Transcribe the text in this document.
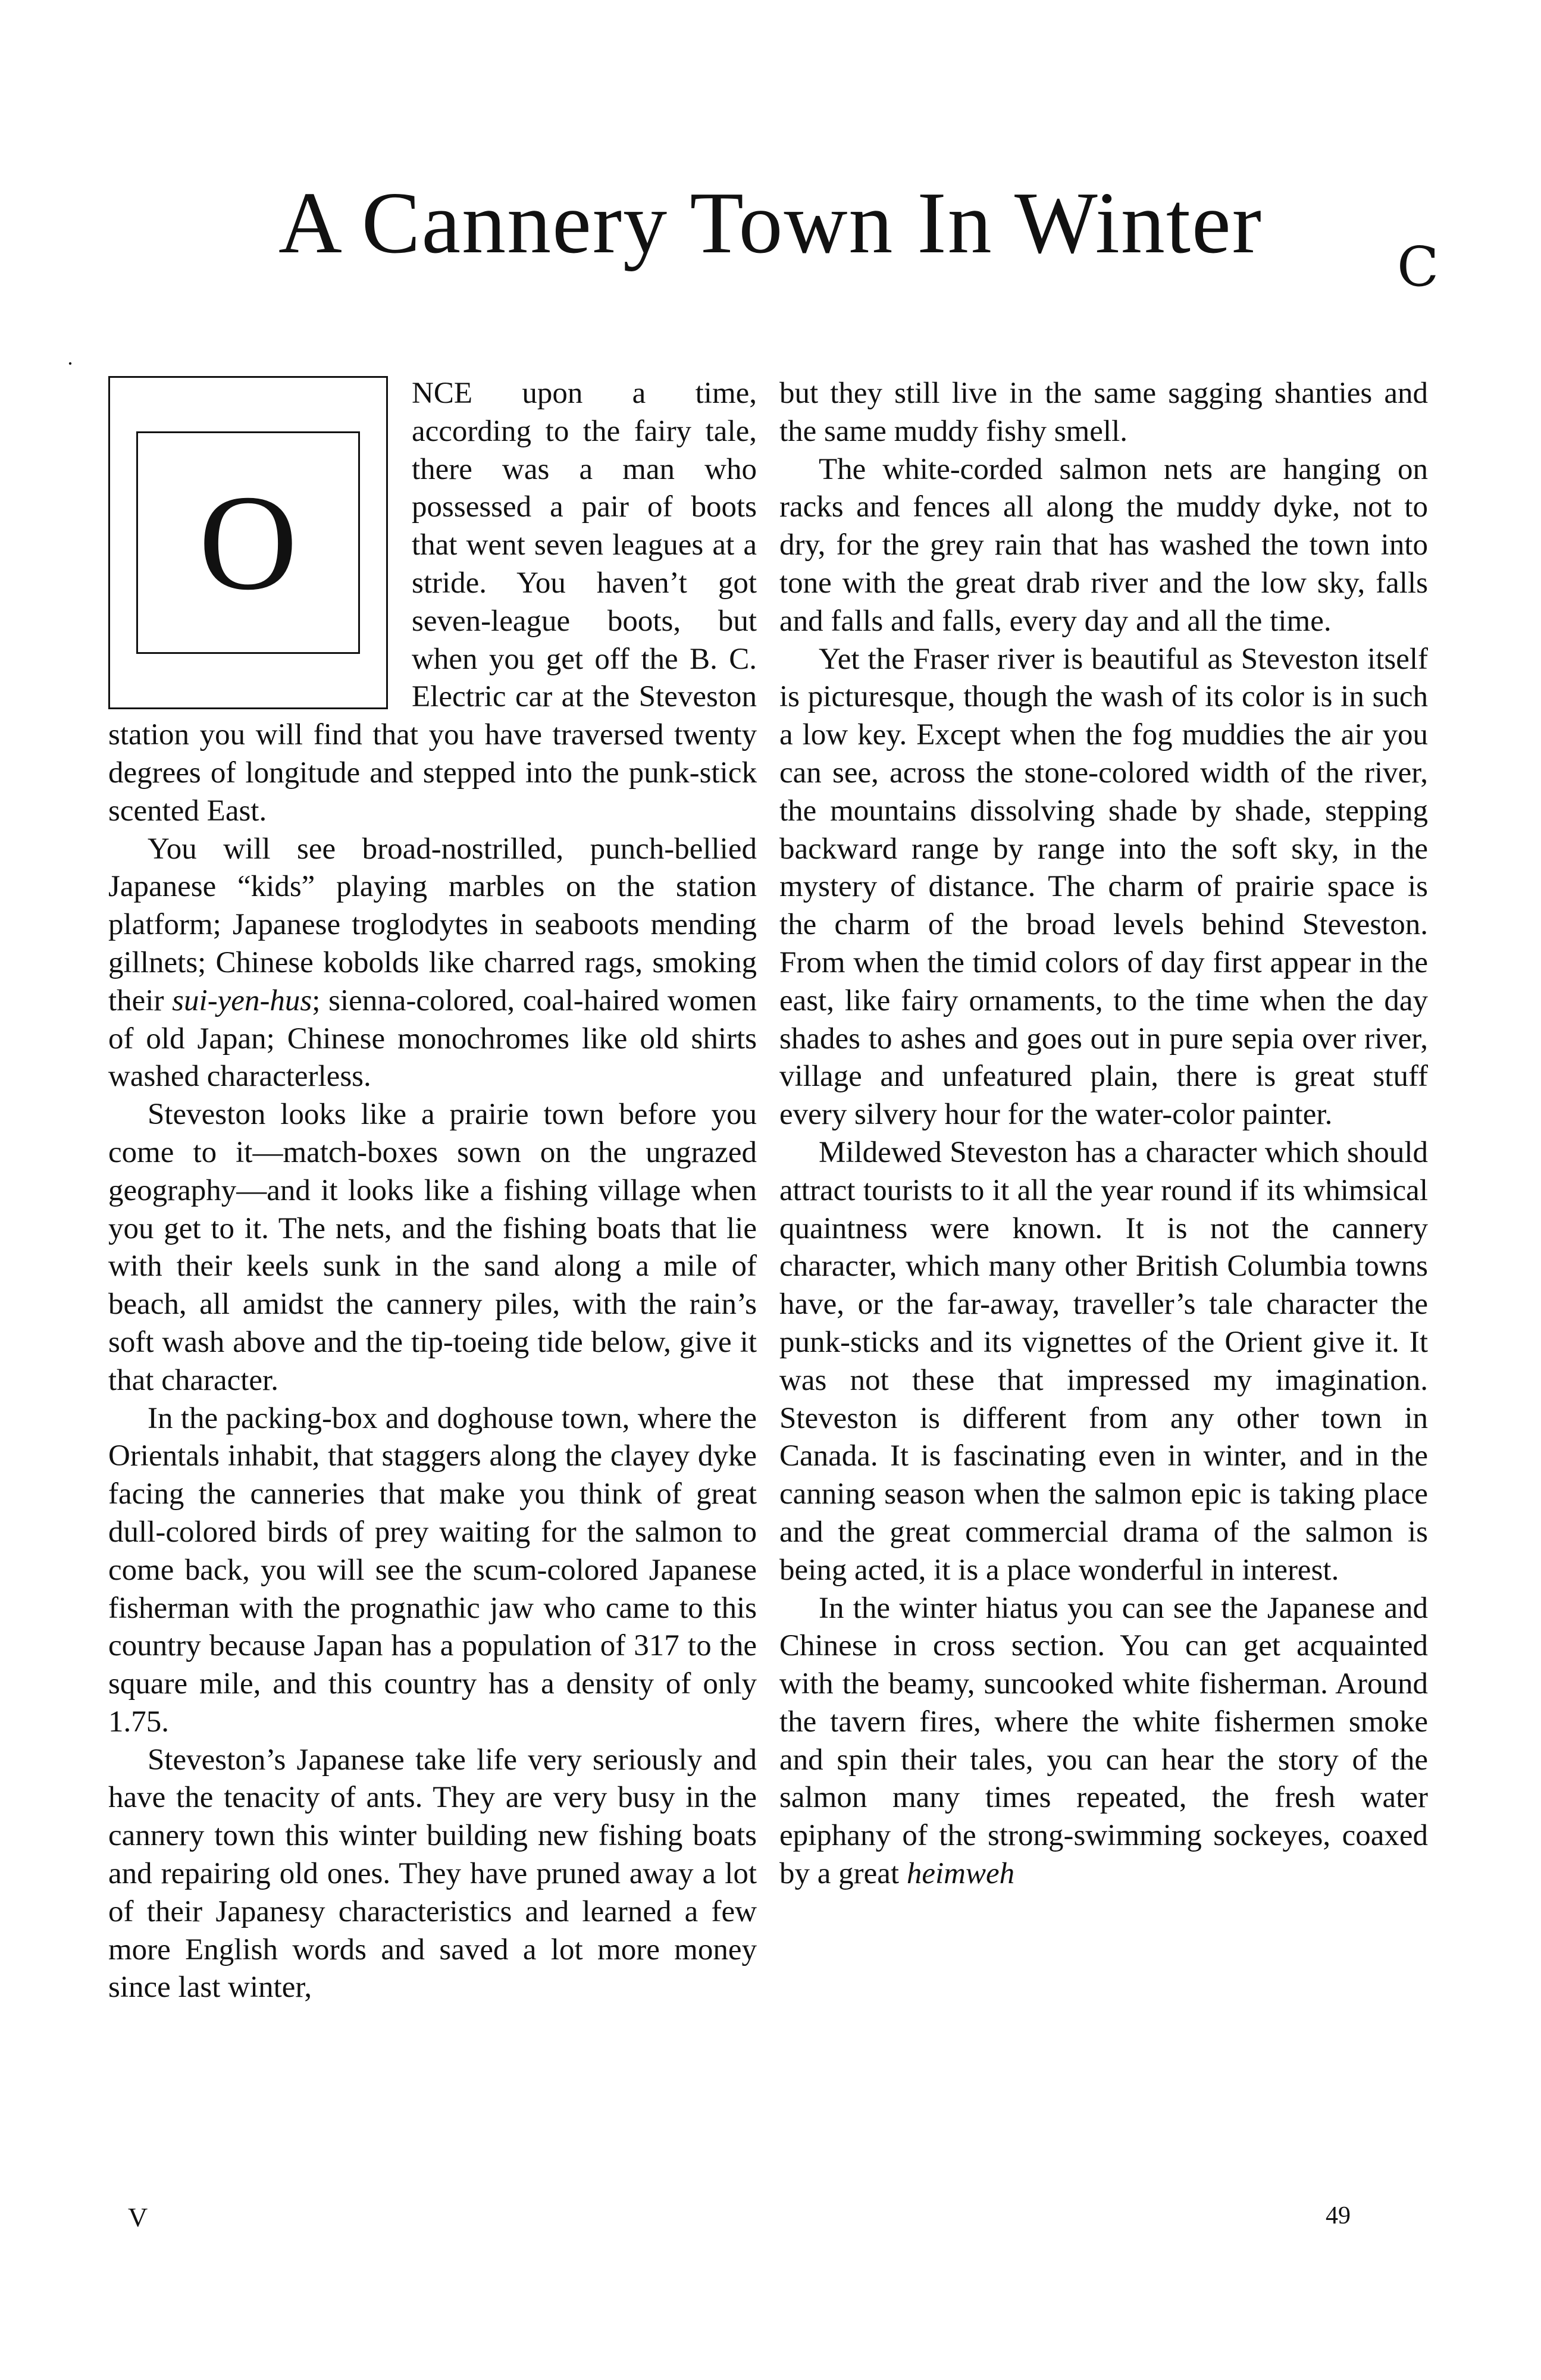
A Cannery Town In Winter	C
·

O
NCE upon a time, according to the fairy tale, there was a man who possessed a pair of boots that went seven leagues at a stride. You haven’t got seven-league boots, but when you get off the B. C. Electric car at the Steveston station you will find that you have traversed twenty degrees of longitude and stepped into the punk-stick scented East.

You will see broad-nostrilled, punch-bellied Japanese “kids” playing marbles on the station platform; Japanese troglodytes in seaboots mending gillnets; Chinese kobolds like charred rags, smoking their sui-yen-hus; sienna-colored, coal-haired women of old Japan; Chinese monochromes like old shirts washed characterless.

Steveston looks like a prairie town before you come to it—match-boxes sown on the ungrazed geography—and it looks like a fishing village when you get to it. The nets, and the fishing boats that lie with their keels sunk in the sand along a mile of beach, all amidst the cannery piles, with the rain’s soft wash above and the tip-toeing tide below, give it that character.

In the packing-box and doghouse town, where the Orientals inhabit, that staggers along the clayey dyke facing the canneries that make you think of great dull-colored birds of prey waiting for the salmon to come back, you will see the scum-colored Japanese fisherman with the prognathic jaw who came to this country because Japan has a population of 317 to the square mile, and this country has a density of only 1.75.

Steveston’s Japanese take life very seriously and have the tenacity of ants. They are very busy in the cannery town this winter building new fishing boats and repairing old ones. They have pruned away a lot of their Japanesy characteristics and learned a few more English words and saved a lot more money since last winter,

but they still live in the same sagging shanties and the same muddy fishy smell.

The white-corded salmon nets are hanging on racks and fences all along the muddy dyke, not to dry, for the grey rain that has washed the town into tone with the great drab river and the low sky, falls and falls and falls, every day and all the time.

Yet the Fraser river is beautiful as Steveston itself is picturesque, though the wash of its color is in such a low key. Except when the fog muddies the air you can see, across the stone-colored width of the river, the mountains dissolving shade by shade, stepping backward range by range into the soft sky, in the mystery of distance. The charm of prairie space is the charm of the broad levels behind Steveston. From when the timid colors of day first appear in the east, like fairy ornaments, to the time when the day shades to ashes and goes out in pure sepia over river, village and unfeatured plain, there is great stuff every silvery hour for the water-color painter.

Mildewed Steveston has a character which should attract tourists to it all the year round if its whimsical quaintness were known. It is not the cannery character, which many other British Columbia towns have, or the far-away, traveller’s tale character the punk-sticks and its vignettes of the Orient give it. It was not these that impressed my imagination. Steveston is different from any other town in Canada. It is fascinating even in winter, and in the canning season when the salmon epic is taking place and the great commercial drama of the salmon is being acted, it is a place wonderful in interest.

In the winter hiatus you can see the Japanese and Chinese in cross section. You can get acquainted with the beamy, suncooked white fisherman. Around the tavern fires, where the white fishermen smoke and spin their tales, you can hear the story of the salmon many times repeated, the fresh water epiphany of the strong-swimming sockeyes, coaxed by a great heimweh

V	49
